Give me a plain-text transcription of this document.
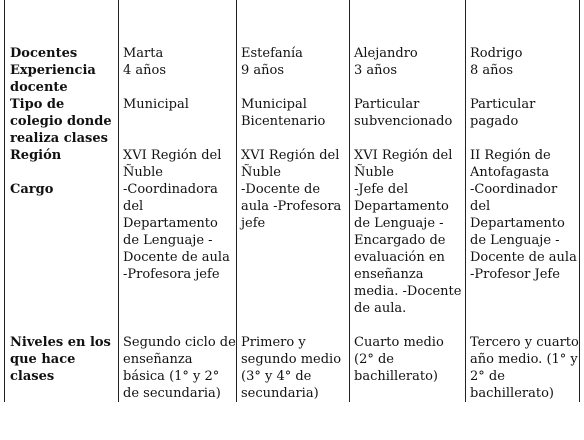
Docentes	Marta	Estefanía	Alejandro	Rodrigo
Experiencia docente	4 años	9 años	3 años	8 años
Tipo de colegio donde realiza clases	Municipal	Municipal Bicentenario	Particular subvencionado	Particular pagado
Región	XVI Región del Ñuble	XVI Región del Ñuble	XVI Región del Ñuble	II Región de Antofagasta
Cargo	-Coordinadora del Departamento de Lenguaje -Docente de aula -Profesora jefe	-Docente de aula -Profesora jefe	-Jefe del Departamento de Lenguaje -Encargado de evaluación en enseñanza media. -Docente de aula.	-Coordinador del Departamento de Lenguaje -Docente de aula -Profesor Jefe
Niveles en los que hace clases	Segundo ciclo de enseñanza básica (1° y 2° de secundaria)	Primero y segundo medio (3° y 4° de secundaria)	Cuarto medio (2° de bachillerato)	Tercero y cuarto año medio. (1° y 2° de bachillerato)
